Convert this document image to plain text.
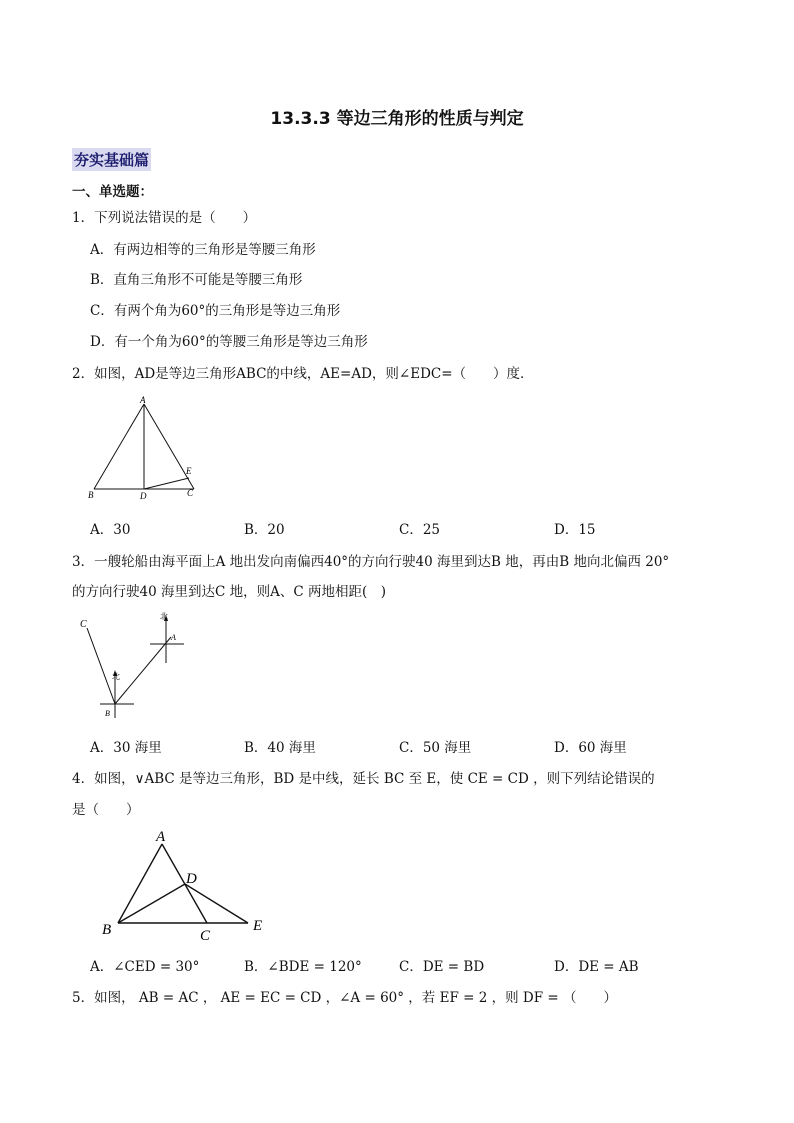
13.3.3 等边三角形的性质与判定
夯实基础篇
一、单选题：
1．下列说法错误的是（　　）
A．有两边相等的三角形是等腰三角形
B．直角三角形不可能是等腰三角形
C．有两个角为60°的三角形是等边三角形
D．有一个角为60°的等腰三角形是等边三角形
2．如图，AD是等边三角形ABC的中线，AE=AD，则∠EDC=（　　）度．
A
B	D	C
E
A．30	B．20	C．25	D．15
3．一艘轮船由海平面上A 地出发向南偏西40°的方向行驶40 海里到达B 地，再由B 地向北偏西 20°
的方向行驶40 海里到达C 地，则A、C 两地相距(　)
C
A
B
北
北
A．30 海里	B．40 海里	C．50 海里	D．60 海里
4．如图，∨ABC 是等边三角形，BD 是中线，延长 BC 至 E，使 CE = CD ，则下列结论错误的
是（　　）
A
B	C
D
E
A．∠CED = 30°	B．∠BDE = 120°	C．DE = BD	D．DE = AB
5．如图， AB = AC ， AE = EC = CD ，∠A = 60° ，若 EF = 2 ，则 DF = （　　）
